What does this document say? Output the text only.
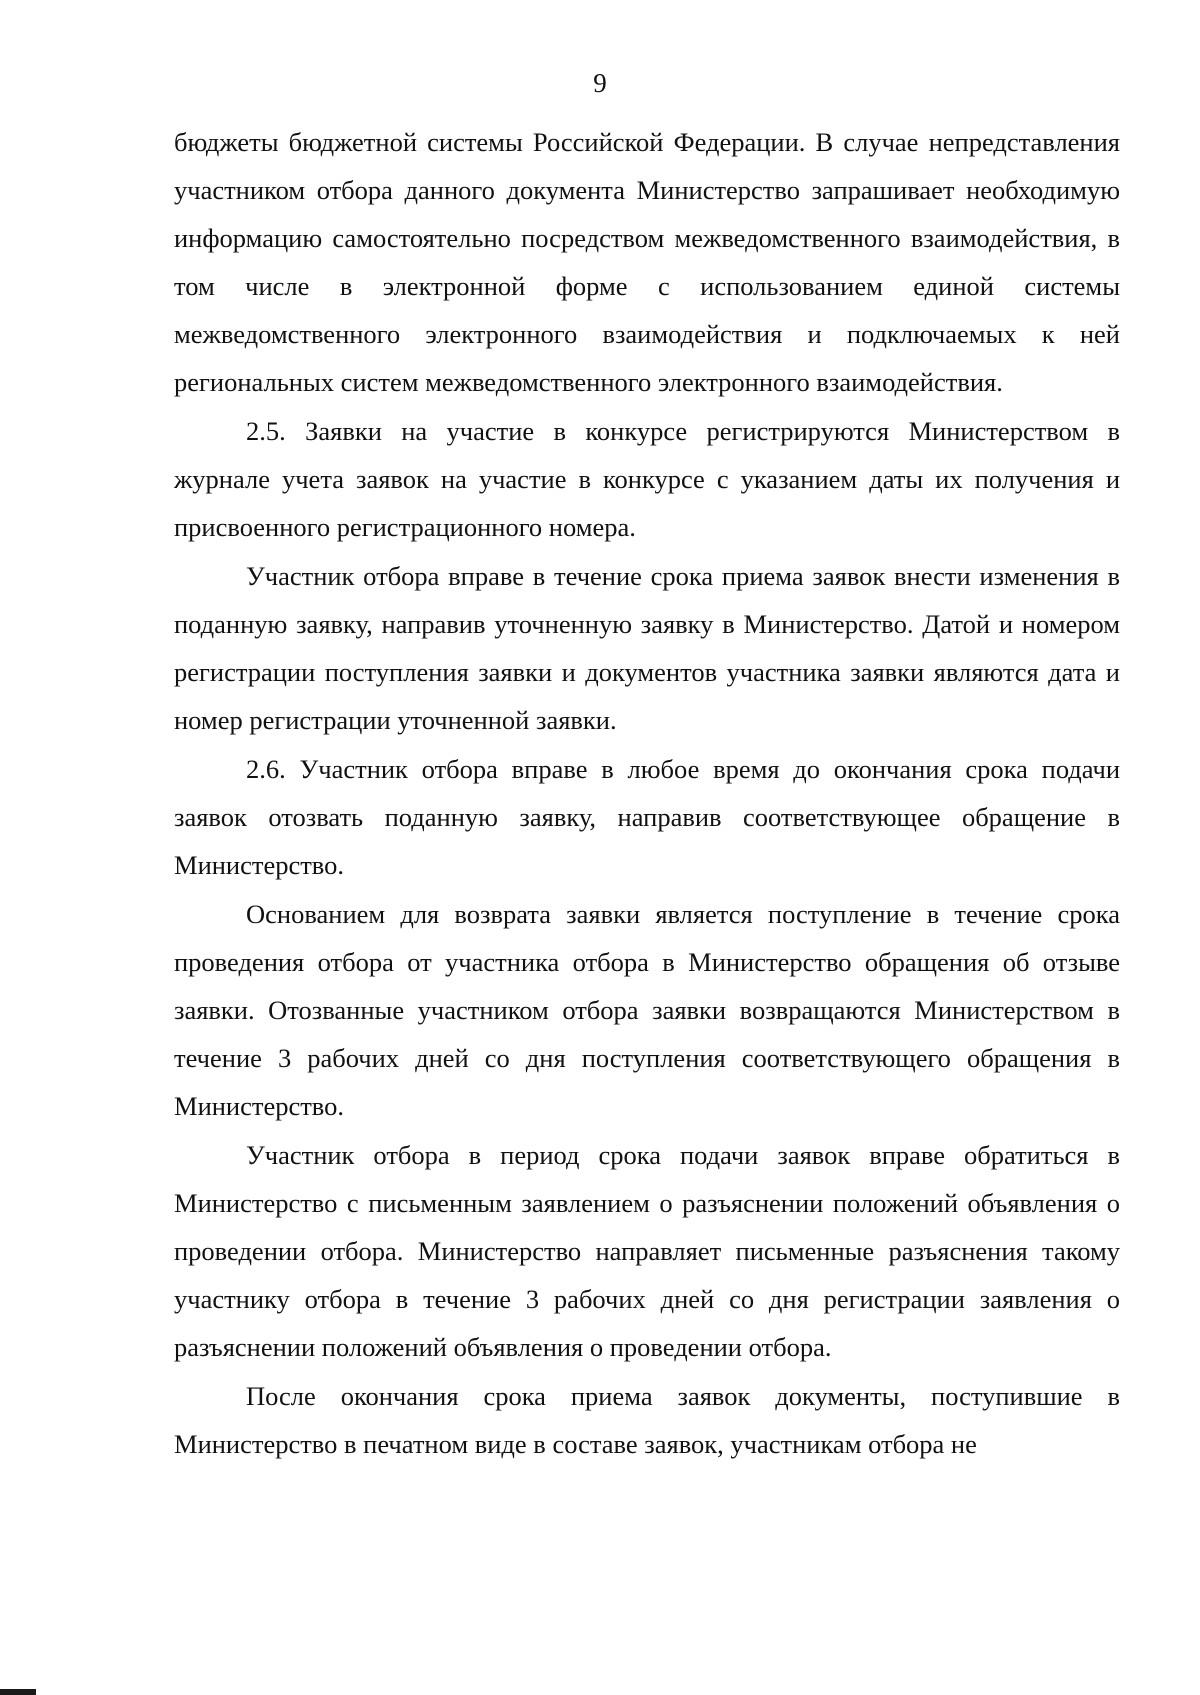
9

бюджеты бюджетной системы Российской Федерации. В случае непредставления участником отбора данного документа Министерство запрашивает необходимую информацию самостоятельно посредством межведомственного взаимодействия, в том числе в электронной форме с использованием единой системы межведомственного электронного взаимодействия и подключаемых к ней региональных систем межведомственного электронного взаимодействия.

2.5. Заявки на участие в конкурсе регистрируются Министерством в журнале учета заявок на участие в конкурсе с указанием даты их получения и присвоенного регистрационного номера.

Участник отбора вправе в течение срока приема заявок внести изменения в поданную заявку, направив уточненную заявку в Министерство. Датой и номером регистрации поступления заявки и документов участника заявки являются дата и номер регистрации уточненной заявки.

2.6. Участник отбора вправе в любое время до окончания срока подачи заявок отозвать поданную заявку, направив соответствующее обращение в Министерство.

Основанием для возврата заявки является поступление в течение срока проведения отбора от участника отбора в Министерство обращения об отзыве заявки. Отозванные участником отбора заявки возвращаются Министерством в течение 3 рабочих дней со дня поступления соответствующего обращения в Министерство.

Участник отбора в период срока подачи заявок вправе обратиться в Министерство с письменным заявлением о разъяснении положений объявления о проведении отбора. Министерство направляет письменные разъяснения такому участнику отбора в течение 3 рабочих дней со дня регистрации заявления о разъяснении положений объявления о проведении отбора.

После окончания срока приема заявок документы, поступившие в Министерство в печатном виде в составе заявок, участникам отбора не
